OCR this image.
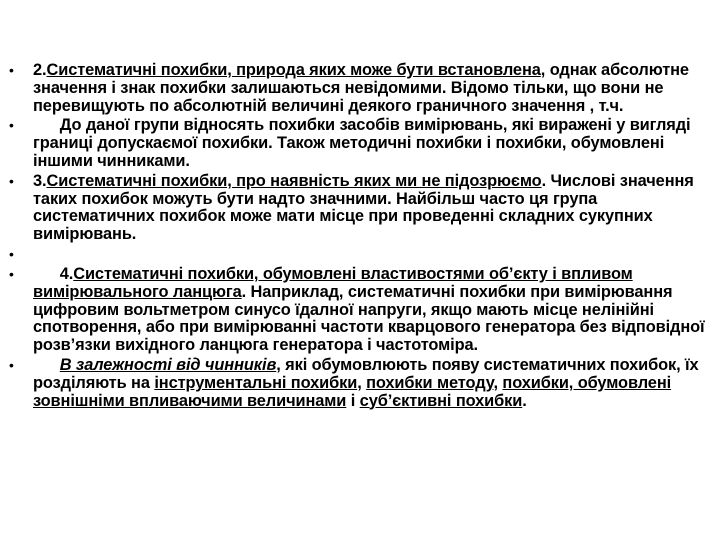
• 2.Систематичні похибки, природа яких може бути встановлена, однак абсолютне значення і знак похибки залишаються невідомими. Відомо тільки, що вони не перевищують по абсолютній величині деякого граничного значення , т.ч.
•	До даної групи відносять похибки засобів вимірювань, які виражені у вигляді границі допускаємої похибки. Також методичні похибки і похибки, обумовлені іншими чинниками.
• 3.Систематичні похибки, про наявність яких ми не підозрюємо. Числові значення таких похибок можуть бути надто значними. Найбільш часто ця група систематичних похибок може мати місце при проведенні складних сукупних вимірювань.
•
•	4.Систематичні похибки, обумовлені властивостями об’єкту і впливом вимірювального ланцюга. Наприклад, систематичні похибки при вимірювання цифровим вольтметром синусо їдалної напруги, якщо мають місце нелінійні спотворення, або при вимірюванні частоти кварцового генератора без відповідної розв’язки вихідного ланцюга генератора і частотоміра.
•	В залежності від чинників, які обумовлюють появу систематичних похибок, їх розділяють на інструментальні похибки, похибки методу, похибки, обумовлені зовнішніми впливаючими величинами і суб’єктивні похибки.
